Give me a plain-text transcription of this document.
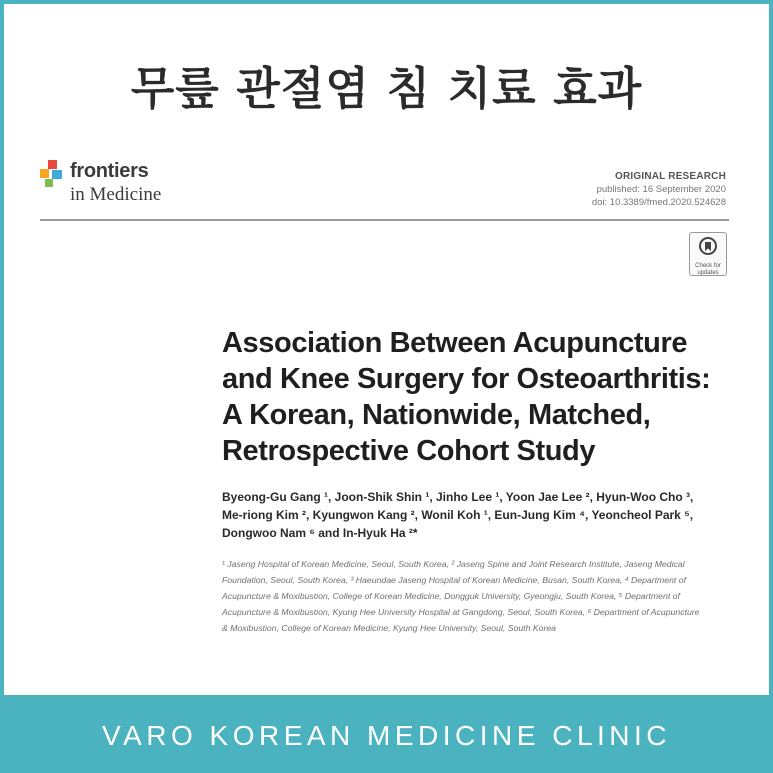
무릎 관절염 침 치료 효과
frontiers
in Medicine
ORIGINAL RESEARCH
published: 16 September 2020
doi: 10.3389/fmed.2020.524628
Check for updates
Association Between Acupuncture
and Knee Surgery for Osteoarthritis:
A Korean, Nationwide, Matched,
Retrospective Cohort Study
Byeong-Gu Gang ¹, Joon-Shik Shin ¹, Jinho Lee ¹, Yoon Jae Lee ², Hyun-Woo Cho ³,
Me-riong Kim ², Kyungwon Kang ², Wonil Koh ¹, Eun-Jung Kim ⁴, Yeoncheol Park ⁵,
Dongwoo Nam ⁶ and In-Hyuk Ha ²*
¹ Jaseng Hospital of Korean Medicine, Seoul, South Korea, ² Jaseng Spine and Joint Research Institute, Jaseng Medical
Foundation, Seoul, South Korea, ³ Haeundae Jaseng Hospital of Korean Medicine, Busan, South Korea, ⁴ Department of
Acupuncture & Moxibustion, College of Korean Medicine, Dongguk University, Gyeongju, South Korea, ⁵ Department of
Acupuncture & Moxibustion, Kyung Hee University Hospital at Gangdong, Seoul, South Korea, ⁶ Department of Acupuncture
& Moxibustion, College of Korean Medicine, Kyung Hee University, Seoul, South Korea
VARO KOREAN MEDICINE CLINIC
